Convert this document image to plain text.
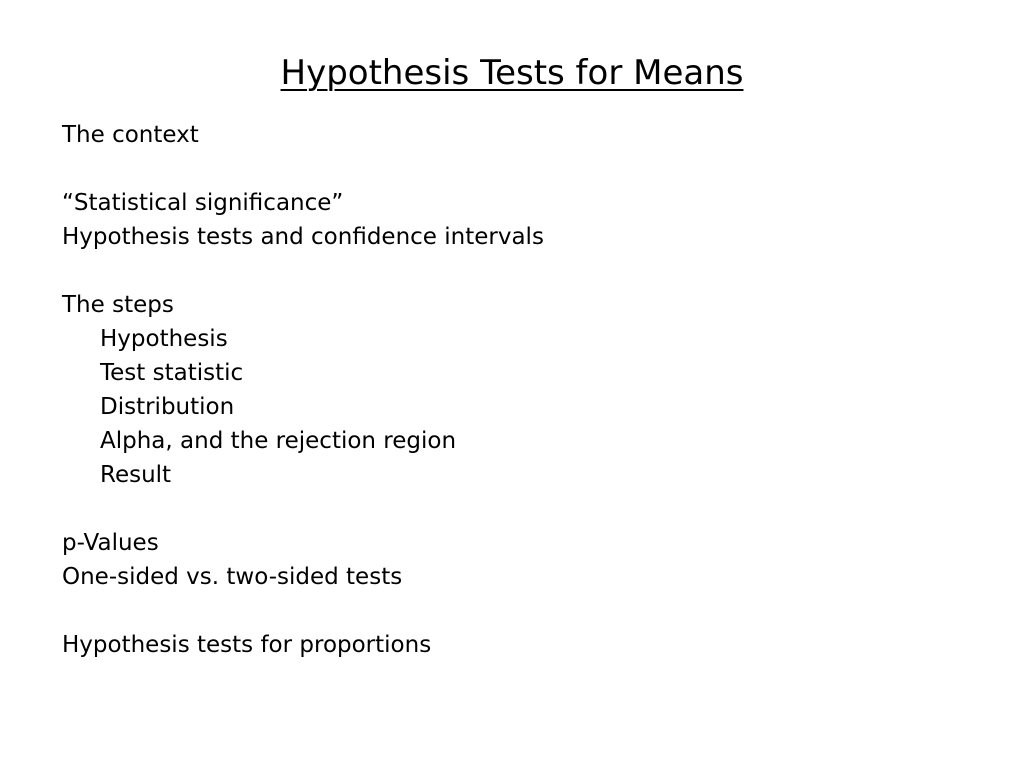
Hypothesis Tests for Means
The context
“Statistical significance”
Hypothesis tests and confidence intervals
The steps
Hypothesis
Test statistic
Distribution
Alpha, and the rejection region
Result
p-Values
One-sided vs. two-sided tests
Hypothesis tests for proportions
